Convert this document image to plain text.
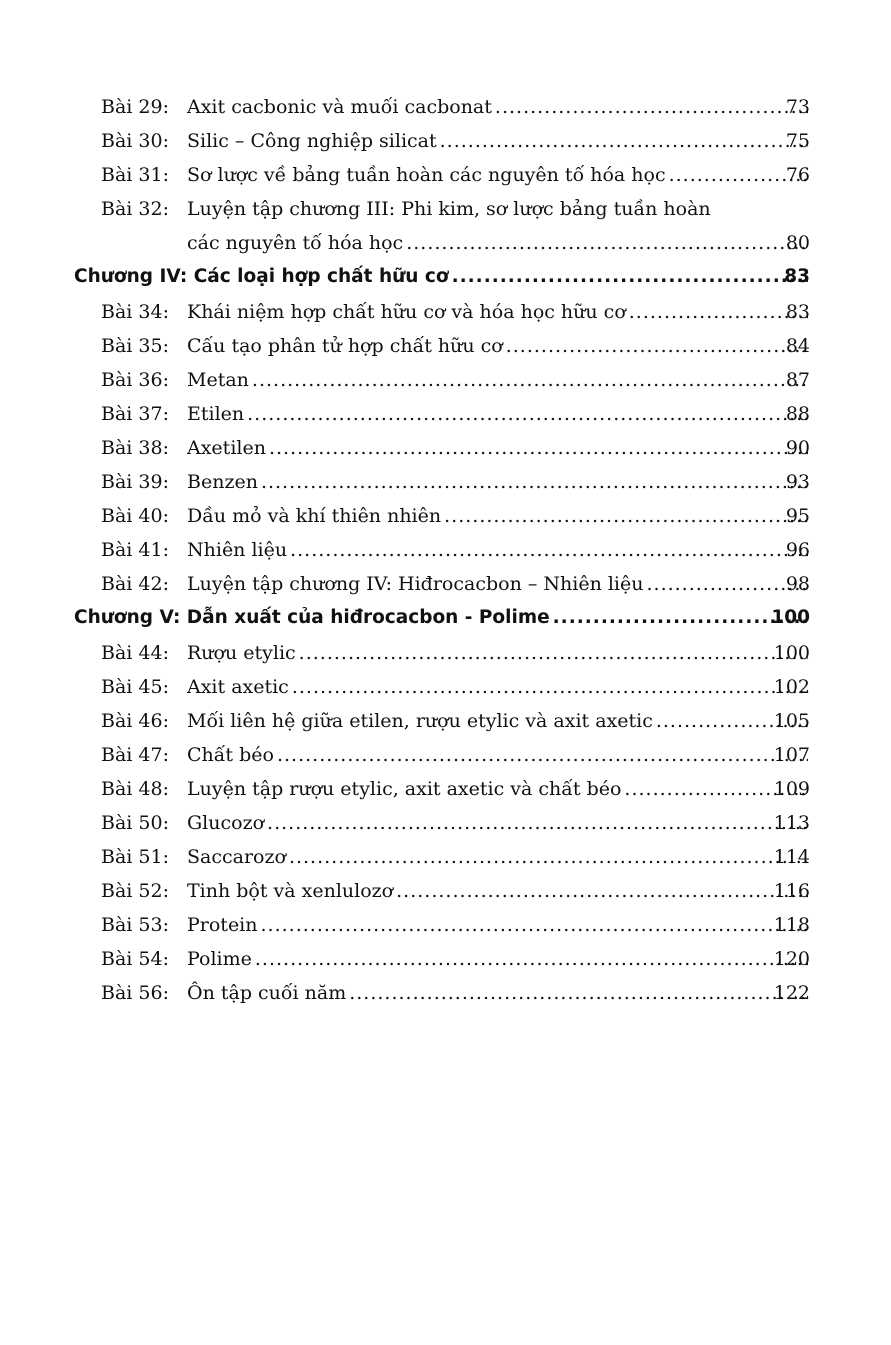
Bài 29: Axit cacbonic và muối cacbonat .....	73
Bài 30: Silic – Công nghiệp silicat .....	75
Bài 31: Sơ lược về bảng tuần hoàn các nguyên tố hóa học .....	76
Bài 32: Luyện tập chương III: Phi kim, sơ lược bảng tuần hoàn
các nguyên tố hóa học .....	80
Chương IV: Các loại hợp chất hữu cơ .....	83
Bài 34: Khái niệm hợp chất hữu cơ và hóa học hữu cơ .....	83
Bài 35: Cấu tạo phân tử hợp chất hữu cơ .....	84
Bài 36: Metan .....	87
Bài 37: Etilen .....	88
Bài 38: Axetilen .....	90
Bài 39: Benzen .....	93
Bài 40: Dầu mỏ và khí thiên nhiên .....	95
Bài 41: Nhiên liệu .....	96
Bài 42: Luyện tập chương IV: Hiđrocacbon – Nhiên liệu .....	98
Chương V: Dẫn xuất của hiđrocacbon - Polime .....	100
Bài 44: Rượu etylic .....	100
Bài 45: Axit axetic .....	102
Bài 46: Mối liên hệ giữa etilen, rượu etylic và axit axetic .....	105
Bài 47: Chất béo .....	107
Bài 48: Luyện tập rượu etylic, axit axetic và chất béo .....	109
Bài 50: Glucozơ .....	113
Bài 51: Saccarozơ .....	114
Bài 52: Tinh bột và xenlulozơ .....	116
Bài 53: Protein .....	118
Bài 54: Polime .....	120
Bài 56: Ôn tập cuối năm .....	122
